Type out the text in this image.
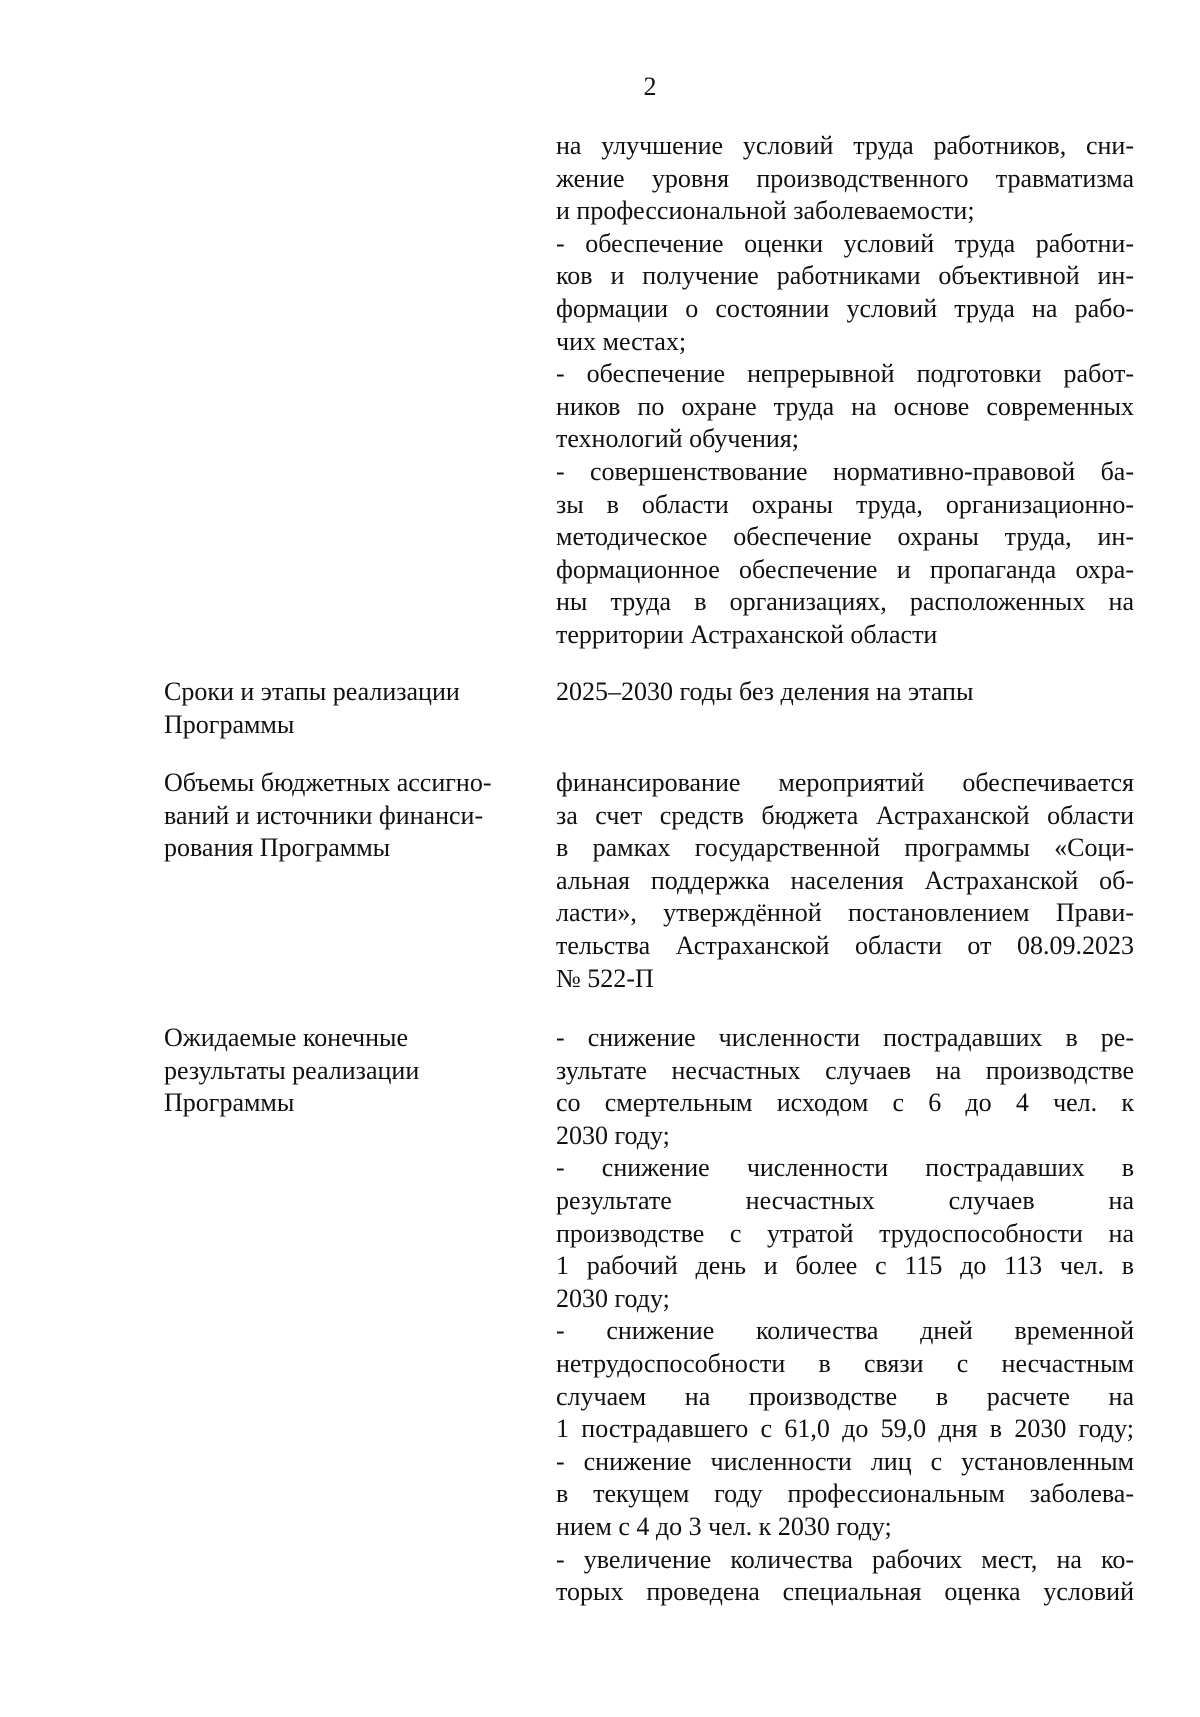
2
на улучшение условий труда работников, сни-
жение уровня производственного травматизма
и профессиональной заболеваемости;
- обеспечение оценки условий труда работни-
ков и получение работниками объективной ин-
формации о состоянии условий труда на рабо-
чих местах;
- обеспечение непрерывной подготовки работ-
ников по охране труда на основе современных
технологий обучения;
- совершенствование нормативно-правовой ба-
зы в области охраны труда, организационно-
методическое обеспечение охраны труда, ин-
формационное обеспечение и пропаганда охра-
ны труда в организациях, расположенных на
территории Астраханской области
Сроки и этапы реализации
Программы
2025–2030 годы без деления на этапы
Объемы бюджетных ассигно-
ваний и источники финанси-
рования Программы
финансирование мероприятий обеспечивается
за счет средств бюджета Астраханской области
в рамках государственной программы «Соци-
альная поддержка населения Астраханской об-
ласти», утверждённой постановлением Прави-
тельства Астраханской области от 08.09.2023
№ 522-П
Ожидаемые конечные
результаты реализации
Программы
- снижение численности пострадавших в ре-
зультате несчастных случаев на производстве
со смертельным исходом с 6 до 4 чел. к
2030 году;
- снижение численности пострадавших в
результате несчастных случаев на
производстве с утратой трудоспособности на
1 рабочий день и более с 115 до 113 чел. в
2030 году;
- снижение количества дней временной
нетрудоспособности в связи с несчастным
случаем на производстве в расчете на
1 пострадавшего с 61,0 до 59,0 дня в 2030 году;
- снижение численности лиц с установленным
в текущем году профессиональным заболева-
нием с 4 до 3 чел. к 2030 году;
- увеличение количества рабочих мест, на ко-
торых проведена специальная оценка условий
